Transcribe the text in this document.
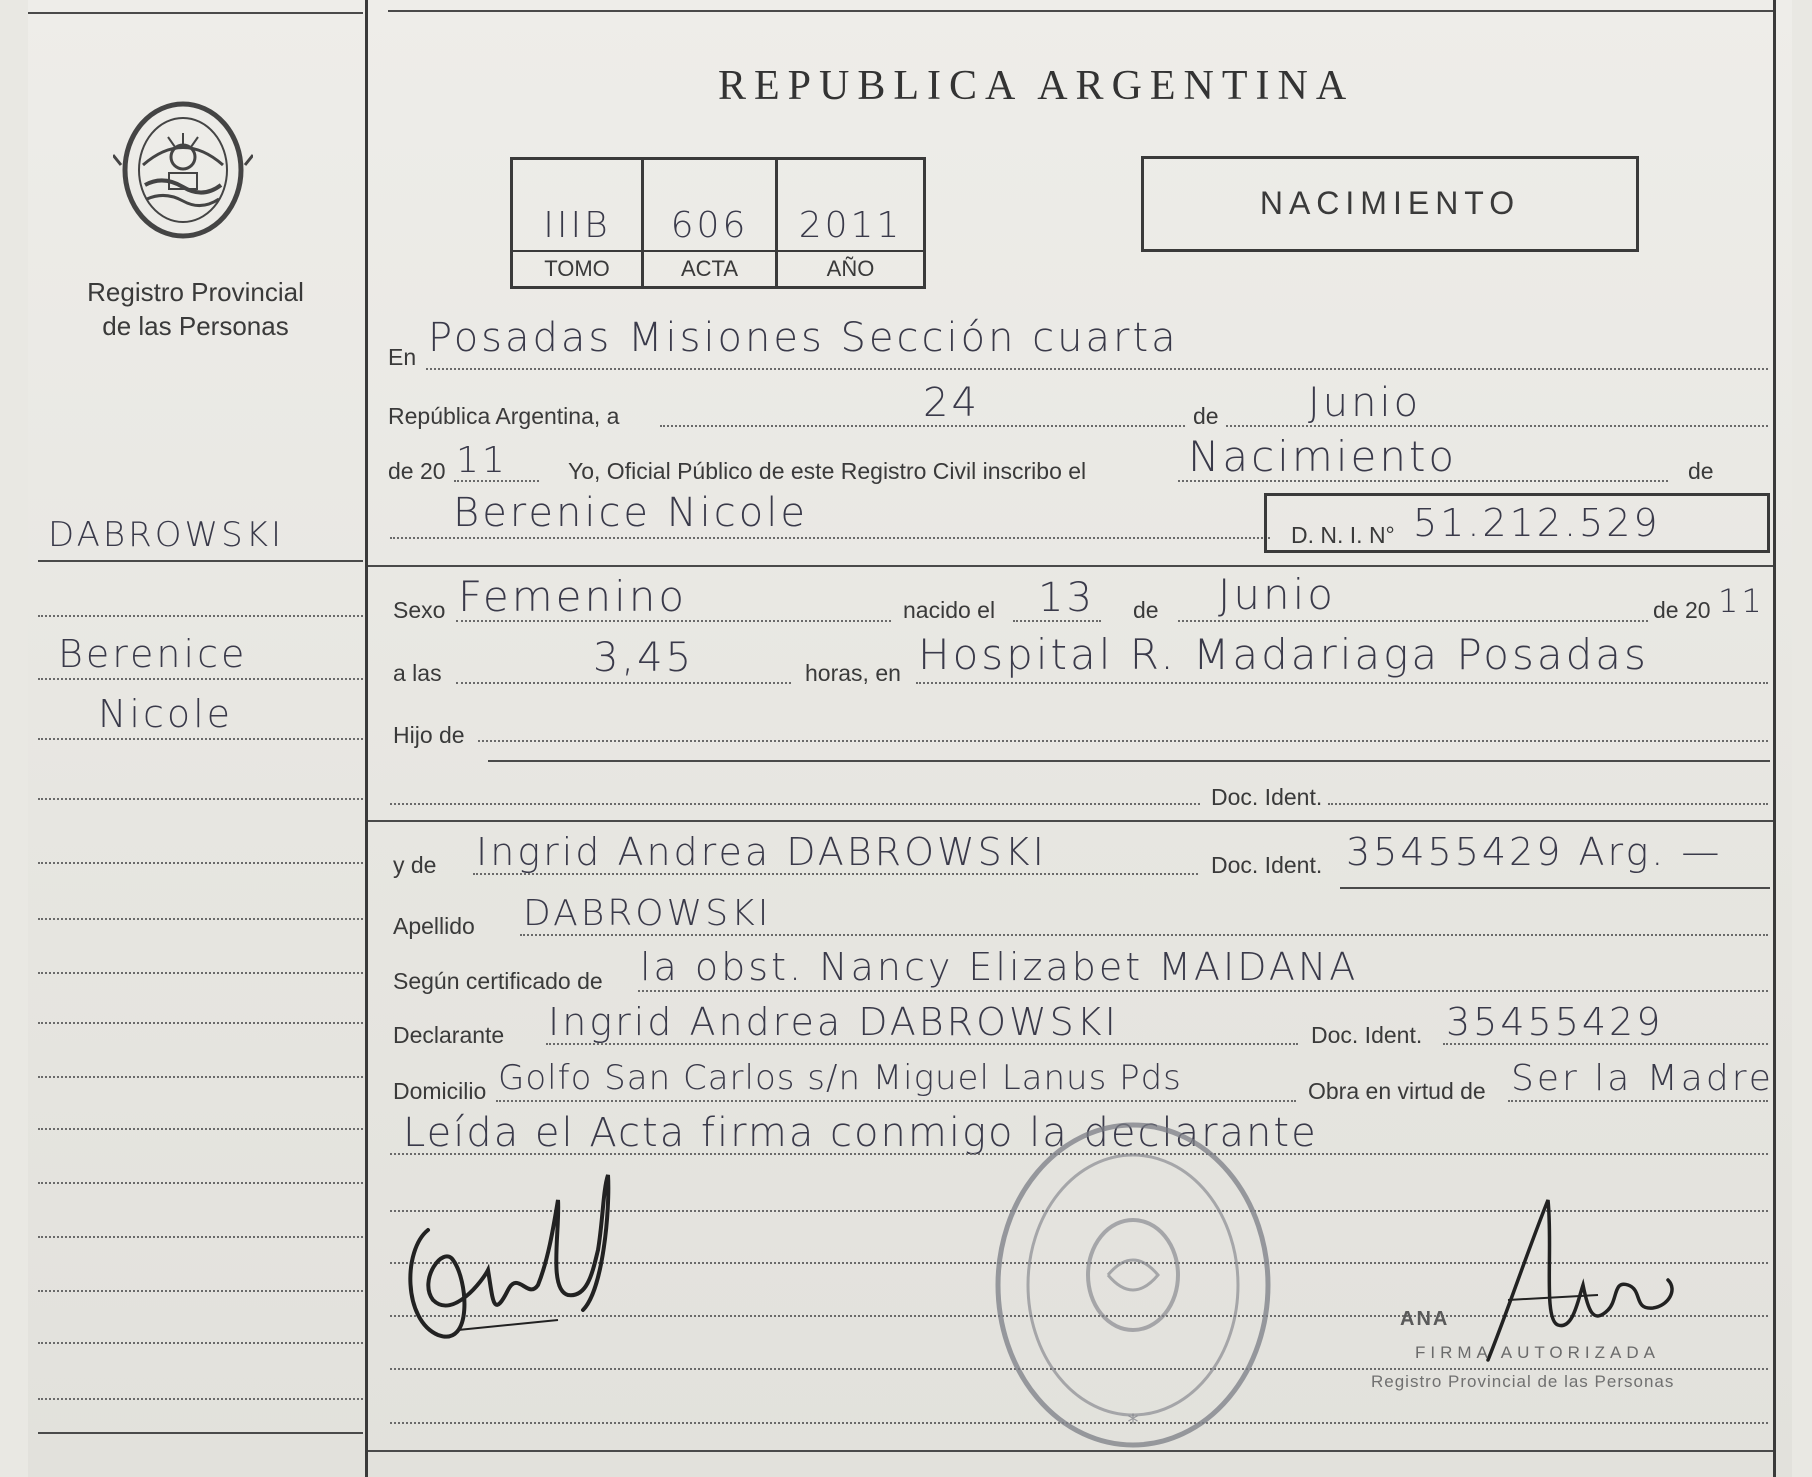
Registro Provincial
de las Personas
DABROWSKI
Berenice
Nicole
REPUBLICA ARGENTINA
IIIB	606	2011
TOMO	ACTA	AÑO
NACIMIENTO
En Posadas Misiones Sección cuarta
República Argentina, a	24	de Junio
de 20 11	Yo, Oficial Público de este Registro Civil inscribo el Nacimiento	de
Berenice Nicole	D. N. I. N° 51.212.529
Sexo Femenino	nacido el 13 de Junio	de 20 11
a las	3,45	horas, en Hospital R. Madariaga Posadas
Hijo de
Doc. Ident.
y de Ingrid Andrea DABROWSKI	Doc. Ident. 35455429 Arg. —
Apellido DABROWSKI
Según certificado de la obst. Nancy Elizabet MAIDANA
Declarante Ingrid Andrea DABROWSKI	Doc. Ident. 35455429
Domicilio Golfo San Carlos s/n Miguel Lanus Pds	Obra en virtud de Ser la Madre
Leída el Acta firma conmigo la declarante
*
ANA
FIRMA AUTORIZADA
Registro Provincial de las Personas
